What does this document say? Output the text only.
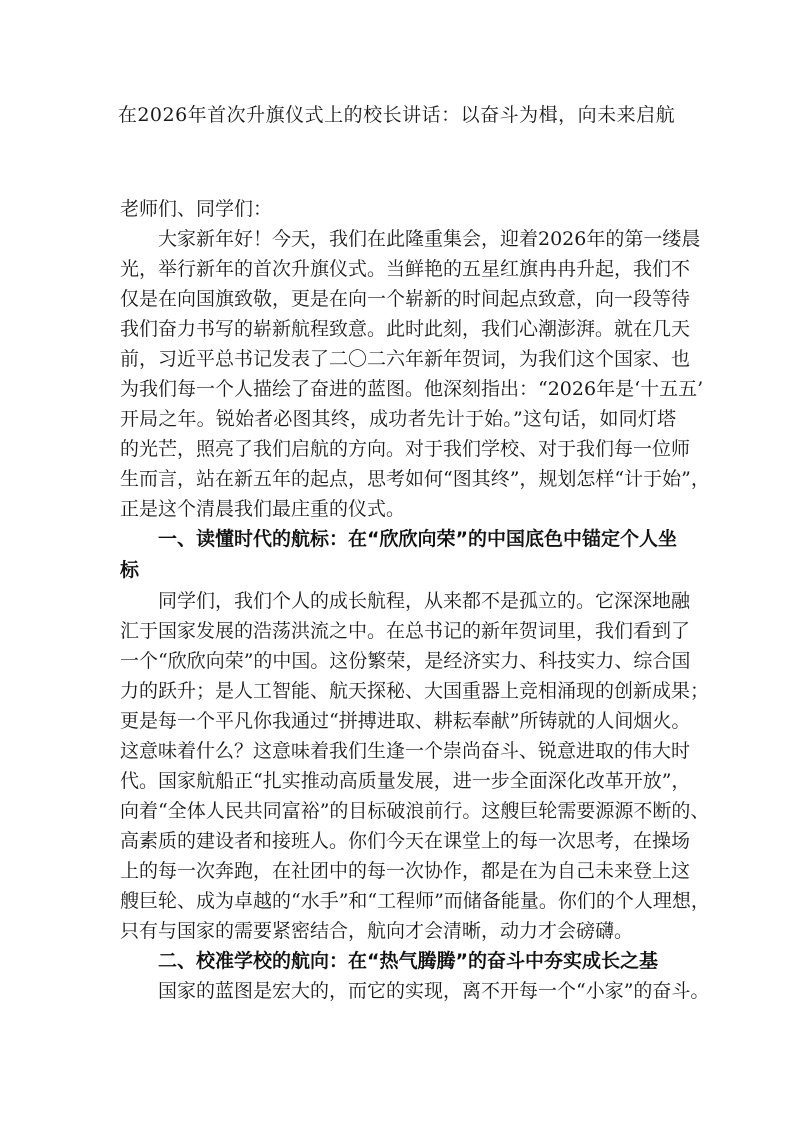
在2026年首次升旗仪式上的校长讲话：以奋斗为楫，向未来启航
老师们、同学们：
大家新年好！今天，我们在此隆重集会，迎着2026年的第一缕晨
光，举行新年的首次升旗仪式。当鲜艳的五星红旗冉冉升起，我们不
仅是在向国旗致敬，更是在向一个崭新的时间起点致意，向一段等待
我们奋力书写的崭新航程致意。此时此刻，我们心潮澎湃。就在几天
前，习近平总书记发表了二〇二六年新年贺词，为我们这个国家、也
为我们每一个人描绘了奋进的蓝图。他深刻指出：“2026年是‘十五五’
开局之年。锐始者必图其终，成功者先计于始。”这句话，如同灯塔
的光芒，照亮了我们启航的方向。对于我们学校、对于我们每一位师
生而言，站在新五年的起点，思考如何“图其终”，规划怎样“计于始”，
正是这个清晨我们最庄重的仪式。
一、读懂时代的航标：在“欣欣向荣”的中国底色中锚定个人坐
标
同学们，我们个人的成长航程，从来都不是孤立的。它深深地融
汇于国家发展的浩荡洪流之中。在总书记的新年贺词里，我们看到了
一个“欣欣向荣”的中国。这份繁荣，是经济实力、科技实力、综合国
力的跃升；是人工智能、航天探秘、大国重器上竞相涌现的创新成果；
更是每一个平凡你我通过“拼搏进取、耕耘奉献”所铸就的人间烟火。
这意味着什么？这意味着我们生逢一个崇尚奋斗、锐意进取的伟大时
代。国家航船正“扎实推动高质量发展，进一步全面深化改革开放”，
向着“全体人民共同富裕”的目标破浪前行。这艘巨轮需要源源不断的、
高素质的建设者和接班人。你们今天在课堂上的每一次思考，在操场
上的每一次奔跑，在社团中的每一次协作，都是在为自己未来登上这
艘巨轮、成为卓越的“水手”和“工程师”而储备能量。你们的个人理想，
只有与国家的需要紧密结合，航向才会清晰，动力才会磅礴。
二、校准学校的航向：在“热气腾腾”的奋斗中夯实成长之基
国家的蓝图是宏大的，而它的实现，离不开每一个“小家”的奋斗。
